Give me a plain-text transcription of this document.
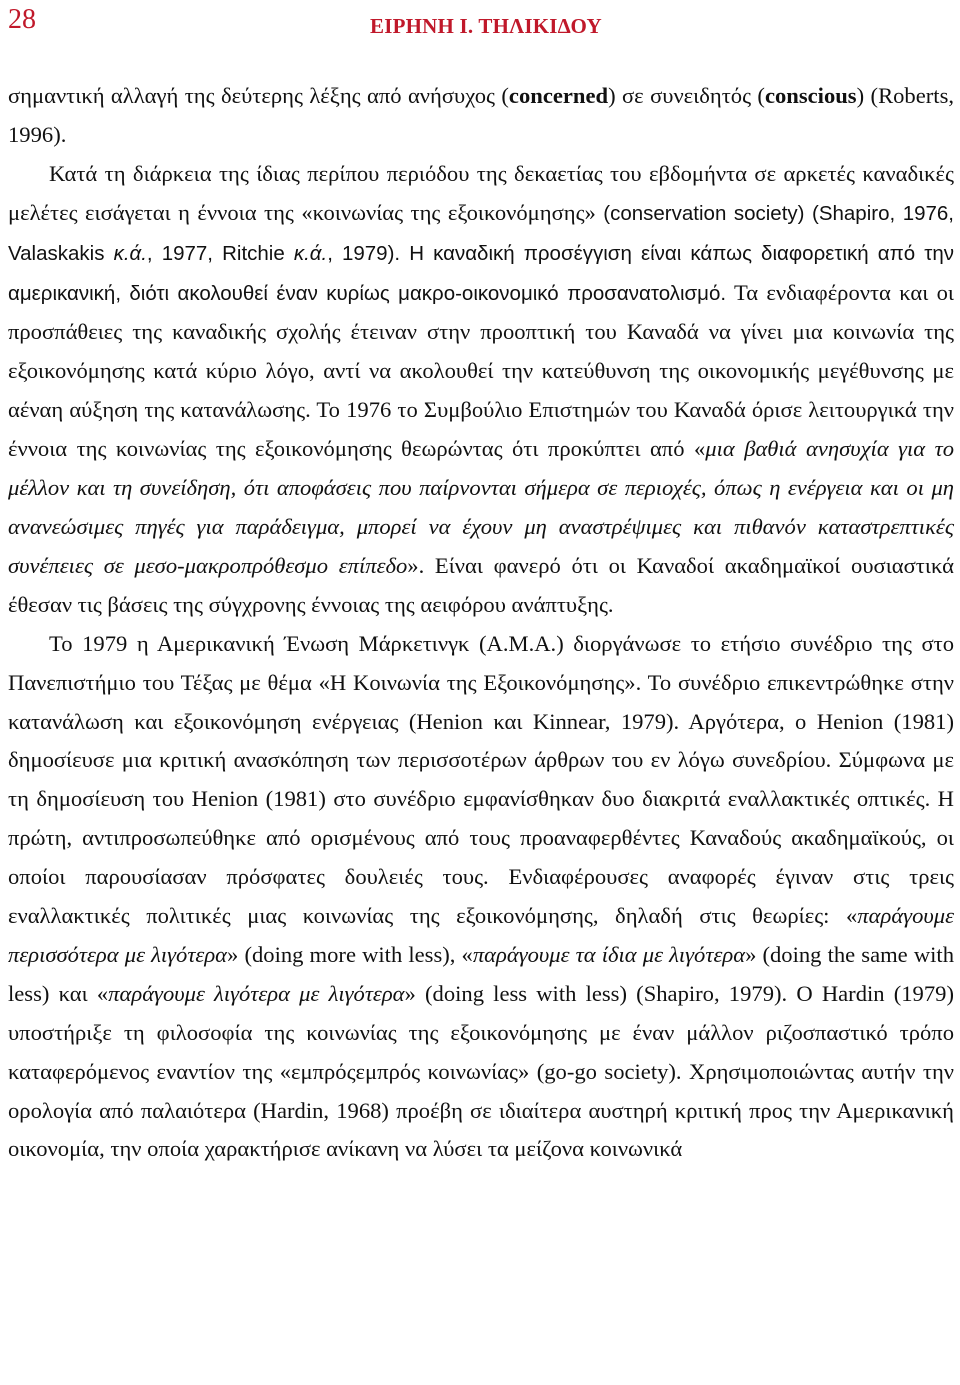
28	ΕΙΡΗΝΗ Ι. ΤΗΛΙΚΙΔΟΥ

σημαντική αλλαγή της δεύτερης λέξης από ανήσυχος (concerned) σε συνειδητός (conscious) (Roberts, 1996).

Κατά τη διάρκεια της ίδιας περίπου περιόδου της δεκαετίας του εβδομήντα σε αρκετές καναδικές μελέτες εισάγεται η έννοια της «κοινωνίας της εξοικονόμησης» (conservation society) (Shapiro, 1976, Valaskakis κ.ά., 1977, Ritchie κ.ά., 1979). Η καναδική προσέγγιση είναι κάπως διαφορετική από την αμερικανική, διότι ακολουθεί έναν κυρίως μακρο-οικονομικό προσανατολισμό. Τα ενδιαφέροντα και οι προσπάθειες της καναδικής σχολής έτειναν στην προοπτική του Καναδά να γίνει μια κοινωνία της εξοικονόμησης κατά κύριο λόγο, αντί να ακολουθεί την κατεύθυνση της οικονομικής μεγέθυνσης με αέναη αύξηση της κατανάλωσης. Το 1976 το Συμβούλιο Επιστημών του Καναδά όρισε λειτουργικά την έννοια της κοινωνίας της εξοικονόμησης θεωρώντας ότι προκύπτει από «μια βαθιά ανησυχία για το μέλλον και τη συνείδηση, ότι αποφάσεις που παίρνονται σήμερα σε περιοχές, όπως η ενέργεια και οι μη ανανεώσιμες πηγές για παράδειγμα, μπορεί να έχουν μη αναστρέψιμες και πιθανόν καταστρεπτικές συνέπειες σε μεσο-μακροπρόθεσμο επίπεδο». Είναι φανερό ότι οι Καναδοί ακαδημαϊκοί ουσιαστικά έθεσαν τις βάσεις της σύγχρονης έννοιας της αειφόρου ανάπτυξης.

Το 1979 η Αμερικανική Ένωση Μάρκετινγκ (Α.Μ.Α.) διοργάνωσε το ετήσιο συνέδριο της στο Πανεπιστήμιο του Τέξας με θέμα «Η Κοινωνία της Εξοικονόμησης». Το συνέδριο επικεντρώθηκε στην κατανάλωση και εξοικονόμηση ενέργειας (Henion και Kinnear, 1979). Αργότερα, ο Henion (1981) δημοσίευσε μια κριτική ανασκόπηση των περισσοτέρων άρθρων του εν λόγω συνεδρίου. Σύμφωνα με τη δημοσίευση του Henion (1981) στο συνέδριο εμφανίσθηκαν δυο διακριτά εναλλακτικές οπτικές. Η πρώτη, αντιπροσωπεύθηκε από ορισμένους από τους προαναφερθέντες Καναδούς ακαδημαϊκούς, οι οποίοι παρουσίασαν πρόσφατες δουλειές τους. Ενδιαφέρουσες αναφορές έγιναν στις τρεις εναλλακτικές πολιτικές μιας κοινωνίας της εξοικονόμησης, δηλαδή στις θεωρίες: «παράγουμε περισσότερα με λιγότερα» (doing more with less), «παράγουμε τα ίδια με λιγότερα» (doing the same with less) και «παράγουμε λιγότερα με λιγότερα» (doing less with less) (Shapiro, 1979). Ο Hardin (1979) υποστήριξε τη φιλοσοφία της κοινωνίας της εξοικονόμησης με έναν μάλλον ριζοσπαστικό τρόπο καταφερόμενος εναντίον της «εμπρόςεμπρός κοινωνίας» (go-go society). Χρησιμοποιώντας αυτήν την ορολογία από παλαιότερα (Hardin, 1968) προέβη σε ιδιαίτερα αυστηρή κριτική προς την Αμερικανική οικονομία, την οποία χαρακτήρισε ανίκανη να λύσει τα μείζονα κοινωνικά
